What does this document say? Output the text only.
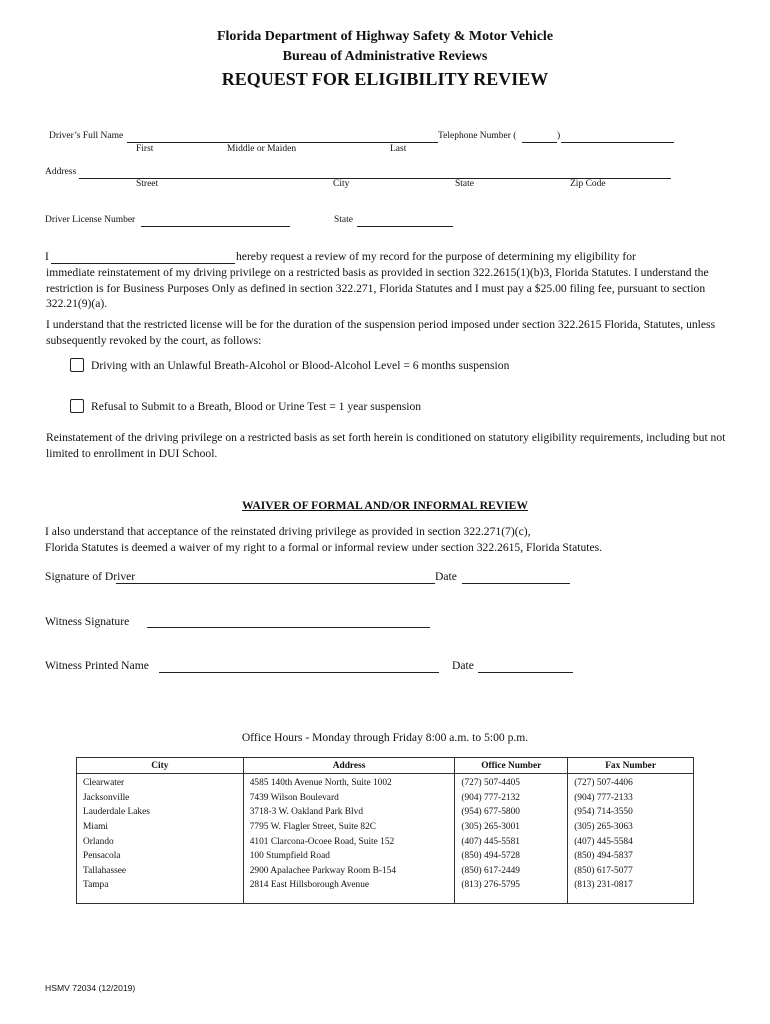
Florida Department of Highway Safety & Motor Vehicle
Bureau of Administrative Reviews
REQUEST FOR ELIGIBILITY REVIEW
Driver’s Full Name	Telephone Number (	)
First	Middle or Maiden	Last
Address
Street	City	State	Zip Code
Driver License Number	State
I	hereby request a review of my record for the purpose of determining my eligibility for
immediate reinstatement of my driving privilege on a restricted basis as provided in section 322.2615(1)(b)3, Florida Statutes. I understand the restriction is for Business Purposes Only as defined in section 322.271, Florida Statutes and I must pay a $25.00 filing fee, pursuant to section 322.21(9)(a).
I understand that the restricted license will be for the duration of the suspension period imposed under section 322.2615 Florida, Statutes, unless subsequently revoked by the court, as follows:
Driving with an Unlawful Breath-Alcohol or Blood-Alcohol Level = 6 months suspension
Refusal to Submit to a Breath, Blood or Urine Test = 1 year suspension
Reinstatement of the driving privilege on a restricted basis as set forth herein is conditioned on statutory eligibility requirements, including but not limited to enrollment in DUI School.
WAIVER OF FORMAL AND/OR INFORMAL REVIEW
I also understand that acceptance of the reinstated driving privilege as provided in section 322.271(7)(c),
Florida Statutes is deemed a waiver of my right to a formal or informal review under section 322.2615, Florida Statutes.
Signature of Driver	Date
Witness Signature
Witness Printed Name	Date
Office Hours - Monday through Friday 8:00 a.m. to 5:00 p.m.
City	Address	Office Number	Fax Number
Clearwater	4585 140th Avenue North, Suite 1002	(727) 507-4405	(727) 507-4406
Jacksonville	7439 Wilson Boulevard	(904) 777-2132	(904) 777-2133
Lauderdale Lakes	3718-3 W. Oakland Park Blvd	(954) 677-5800	(954) 714-3550
Miami	7795 W. Flagler Street, Suite 82C	(305) 265-3001	(305) 265-3063
Orlando	4101 Clarcona-Ocoee Road, Suite 152	(407) 445-5581	(407) 445-5584
Pensacola	100 Stumpfield Road	(850) 494-5728	(850) 494-5837
Tallahassee	2900 Apalachee Parkway Room B-154	(850) 617-2449	(850) 617-5077
Tampa	2814 East Hillsborough Avenue	(813) 276-5795	(813) 231-0817
HSMV 72034 (12/2019)
